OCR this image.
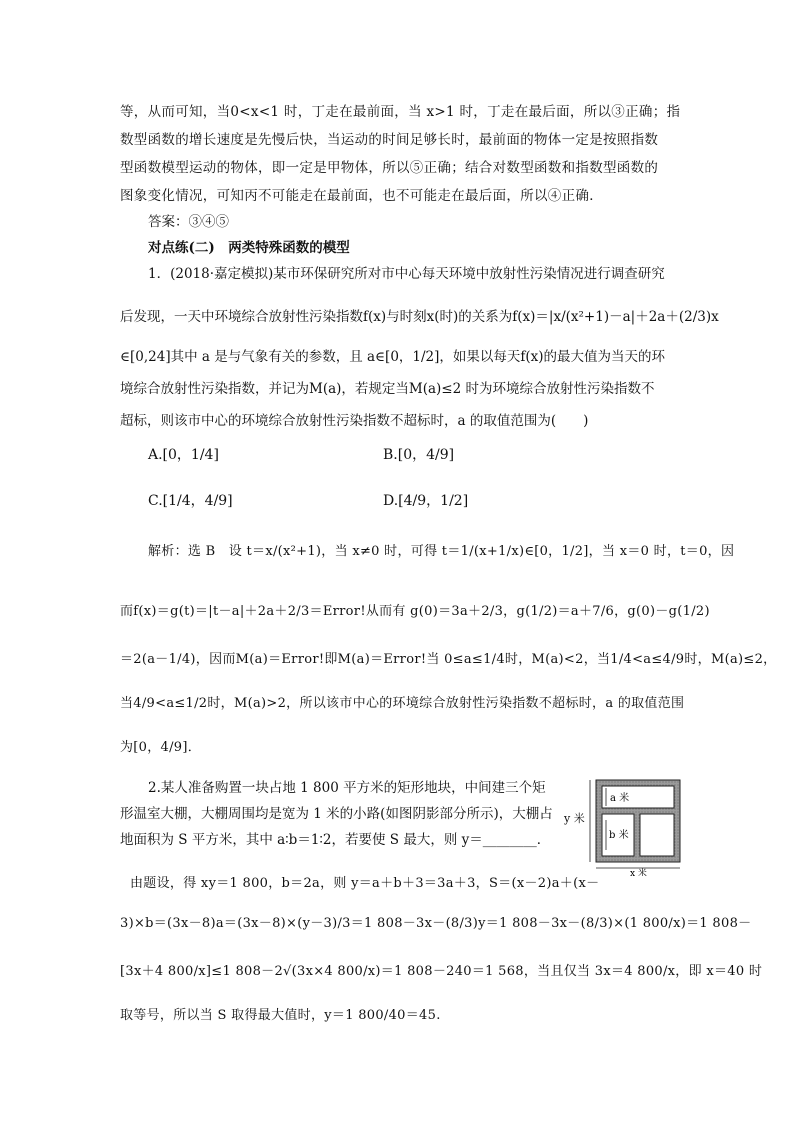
等，从而可知，当0<x<1 时，丁走在最前面，当 x>1 时，丁走在最后面，所以③正确；指
数型函数的增长速度是先慢后快，当运动的时间足够长时，最前面的物体一定是按照指数
型函数模型运动的物体，即一定是甲物体，所以⑤正确；结合对数型函数和指数型函数的
图象变化情况，可知丙不可能走在最前面，也不可能走在最后面，所以④正确．
答案：③④⑤
对点练(二)　两类特殊函数的模型
1．(2018·嘉定模拟)某市环保研究所对市中心每天环境中放射性污染情况进行调查研究
后发现，一天中环境综合放射性污染指数f(x)与时刻x(时)的关系为f(x)＝|x/(x²+1)－a|＋2a＋(2/3)x
∈[0,24]其中 a 是与气象有关的参数，且 a∈[0，1/2]，如果以每天f(x)的最大值为当天的环
境综合放射性污染指数，并记为M(a)，若规定当M(a)≤2 时为环境综合放射性污染指数不
超标，则该市中心的环境综合放射性污染指数不超标时，a 的取值范围为(　　)
A.[0，1/4]	B.[0，4/9]
C.[1/4，4/9]	D.[4/9，1/2]
解析：选 B　设 t＝x/(x²+1)，当 x≠0 时，可得 t＝1/(x+1/x)∈[0，1/2]，当 x＝0 时，t＝0，因
而f(x)＝g(t)＝|t－a|＋2a＋2/3＝Error!从而有 g(0)＝3a＋2/3，g(1/2)＝a＋7/6，g(0)－g(1/2)
＝2(a－1/4)，因而M(a)＝Error!即M(a)＝Error!当 0≤a≤1/4时，M(a)<2，当1/4<a≤4/9时，M(a)≤2，
当4/9<a≤1/2时，M(a)>2，所以该市中心的环境综合放射性污染指数不超标时，a 的取值范围
为[0，4/9]．
2.某人准备购置一块占地 1 800 平方米的矩形地块，中间建三个矩
形温室大棚，大棚周围均是宽为 1 米的小路(如图阴影部分所示)，大棚占
地面积为 S 平方米，其中 a∶b＝1∶2，若要使 S 最大，则 y＝________．
a 米
b 米
x 米
y 米
由题设，得 xy＝1 800，b＝2a，则 y＝a＋b＋3＝3a＋3，S＝(x－2)a＋(x－
3)×b＝(3x－8)a＝(3x－8)×(y－3)/3＝1 808－3x－(8/3)y＝1 808－3x－(8/3)×(1 800/x)＝1 808－
[3x＋4 800/x]≤1 808－2√(3x×4 800/x)＝1 808－240＝1 568，当且仅当 3x＝4 800/x，即 x＝40 时
取等号，所以当 S 取得最大值时，y＝1 800/40＝45.
